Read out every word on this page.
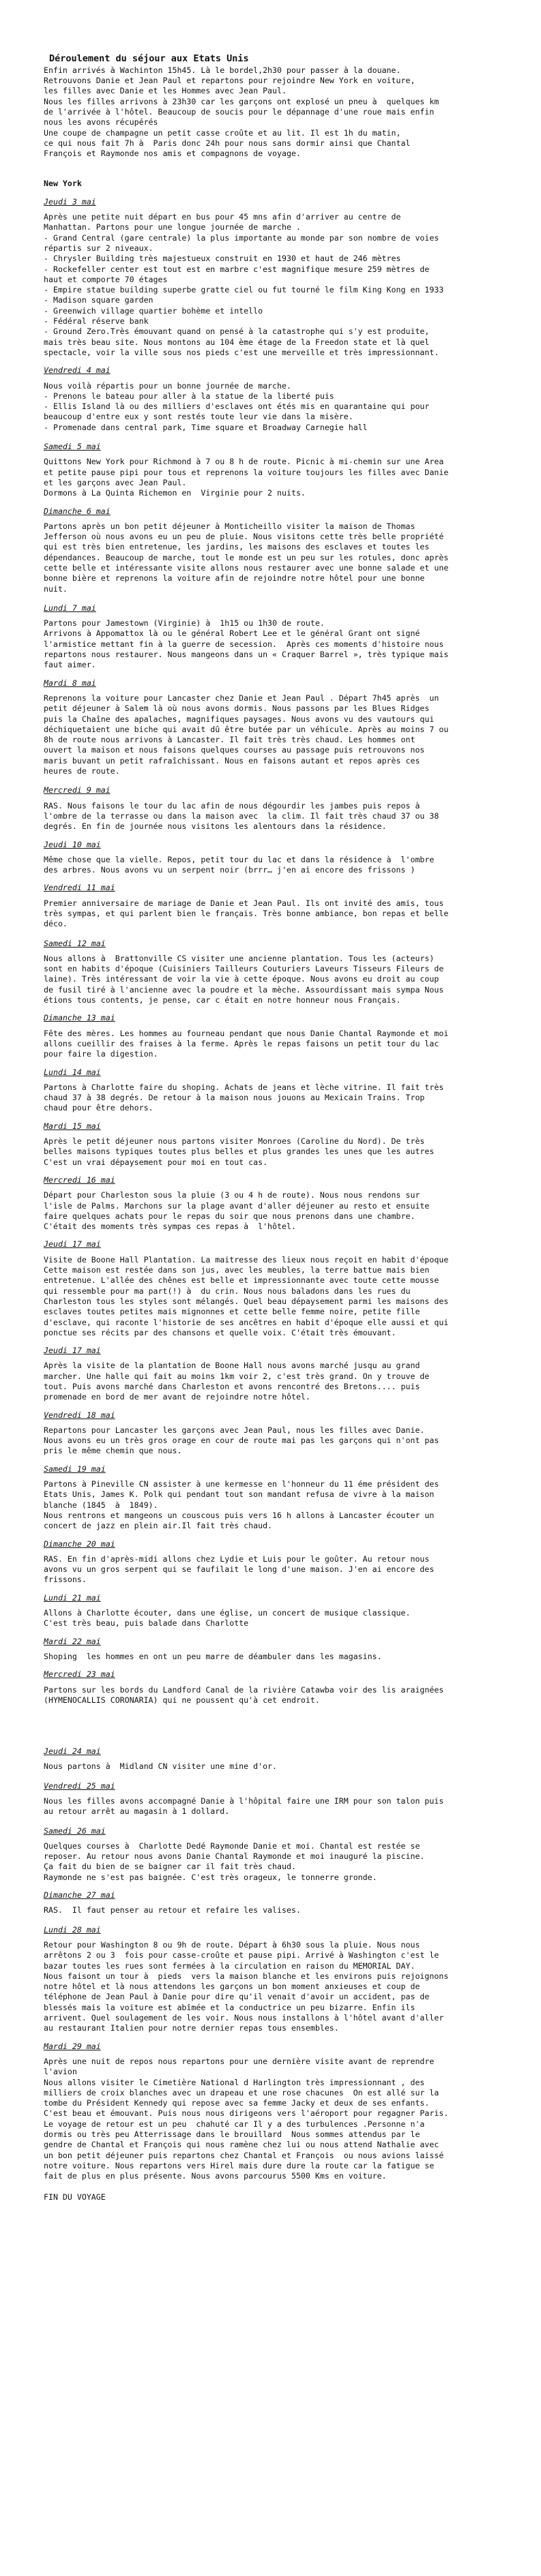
Déroulement du séjour aux Etats Unis
Enfin arrivés à Wachinton 15h45. Là le bordel,2h30 pour passer à la douane.
Retrouvons Danie et Jean Paul et repartons pour rejoindre New York en voiture,
les filles avec Danie et les Hommes avec Jean Paul.
Nous les filles arrivons à 23h30 car les garçons ont explosé un pneu à  quelques km
de l'arrivée à l'hôtel. Beaucoup de soucis pour le dépannage d'une roue mais enfin
nous les avons récupérés
Une coupe de champagne un petit casse croûte et au lit. Il est 1h du matin,
ce qui nous fait 7h à  Paris donc 24h pour nous sans dormir ainsi que Chantal
François et Raymonde nos amis et compagnons de voyage.
New York
Jeudi 3 mai
Après une petite nuit départ en bus pour 45 mns afin d'arriver au centre de
Manhattan. Partons pour une longue journée de marche .
- Grand Central (gare centrale) la plus importante au monde par son nombre de voies
répartis sur 2 niveaux.
- Chrysler Building très majestueux construit en 1930 et haut de 246 mètres
- Rockefeller center est tout est en marbre c'est magnifique mesure 259 mètres de
haut et comporte 70 étages
- Empire statue building superbe gratte ciel ou fut tourné le film King Kong en 1933
- Madison square garden
- Greenwich village quartier bohème et intello
- Fédéral réserve bank
- Ground Zero.Très émouvant quand on pensé à la catastrophe qui s'y est produite,
mais très beau site. Nous montons au 104 ème étage de la Freedon state et là quel
spectacle, voir la ville sous nos pieds c'est une merveille et très impressionnant.
Vendredi 4 mai
Nous voilà répartis pour un bonne journée de marche.
- Prenons le bateau pour aller à la statue de la liberté puis
- Ellis Island là ou des milliers d'esclaves ont étés mis en quarantaine qui pour
beaucoup d'entre eux y sont restés toute leur vie dans la misère.
- Promenade dans central park, Time square et Broadway Carnegie hall
Samedi 5 mai
Quittons New York pour Richmond à 7 ou 8 h de route. Picnic à mi-chemin sur une Area
et petite pause pipi pour tous et reprenons la voiture toujours les filles avec Danie
et les garçons avec Jean Paul.
Dormons à La Quinta Richemon en  Virginie pour 2 nuits.
Dimanche 6 mai
Partons après un bon petit déjeuner à Monticheillo visiter la maison de Thomas
Jefferson où nous avons eu un peu de pluie. Nous visitons cette très belle propriété
qui est très bien entretenue, les jardins, les maisons des esclaves et toutes les
dépendances. Beaucoup de marche, tout le monde est un peu sur les rotules, donc après
cette belle et intéressante visite allons nous restaurer avec une bonne salade et une
bonne bière et reprenons la voiture afin de rejoindre notre hôtel pour une bonne
nuit.
Lundi 7 mai
Partons pour Jamestown (Virginie) à  1h15 ou 1h30 de route.
Arrivons à Appomattox là ou le général Robert Lee et le général Grant ont signé
l'armistice mettant fin à la guerre de secession.  Après ces moments d'histoire nous
repartons nous restaurer. Nous mangeons dans un « Craquer Barrel », très typique mais
faut aimer.
Mardi 8 mai
Reprenons la voiture pour Lancaster chez Danie et Jean Paul . Départ 7h45 après  un
petit déjeuner à Salem là où nous avons dormis. Nous passons par les Blues Ridges
puis la Chaîne des apalaches, magnifiques paysages. Nous avons vu des vautours qui
déchiquetaient une biche qui avait dû être butée par un véhicule. Après au moins 7 ou
8h de route nous arrivons à Lancaster. Il fait très très chaud. Les hommes ont
ouvert la maison et nous faisons quelques courses au passage puis retrouvons nos
maris buvant un petit rafraîchissant. Nous en faisons autant et repos après ces
heures de route.
Mercredi 9 mai
RAS. Nous faisons le tour du lac afin de nous dégourdir les jambes puis repos à
l'ombre de la terrasse ou dans la maison avec  la clim. Il fait très chaud 37 ou 38
degrés. En fin de journée nous visitons les alentours dans la résidence.
Jeudi 10 mai
Même chose que la vielle. Repos, petit tour du lac et dans la résidence à  l'ombre
des arbres. Nous avons vu un serpent noir (brrr… j'en ai encore des frissons )
Vendredi 11 mai
Premier anniversaire de mariage de Danie et Jean Paul. Ils ont invité des amis, tous
très sympas, et qui parlent bien le français. Très bonne ambiance, bon repas et belle
déco.
Samedi 12 mai
Nous allons à  Brattonville CS visiter une ancienne plantation. Tous les (acteurs)
sont en habits d'époque (Cuisiniers Tailleurs Couturiers Laveurs Tisseurs Fileurs de
laine). Très intéressant de voir la vie à cette époque. Nous avons eu droit au coup
de fusil tiré à l'ancienne avec la poudre et la mèche. Assourdissant mais sympa Nous
étions tous contents, je pense, car c était en notre honneur nous Français.
Dimanche 13 mai
Fête des mères. Les hommes au fourneau pendant que nous Danie Chantal Raymonde et moi
allons cueillir des fraises à la ferme. Après le repas faisons un petit tour du lac
pour faire la digestion.
Lundi 14 mai
Partons à Charlotte faire du shoping. Achats de jeans et lèche vitrine. Il fait très
chaud 37 à 38 degrés. De retour à la maison nous jouons au Mexicain Trains. Trop
chaud pour être dehors.
Mardi 15 mai
Après le petit déjeuner nous partons visiter Monroes (Caroline du Nord). De très
belles maisons typiques toutes plus belles et plus grandes les unes que les autres
C'est un vrai dépaysement pour moi en tout cas.
Mercredi 16 mai
Départ pour Charleston sous la pluie (3 ou 4 h de route). Nous nous rendons sur
l'isle de Palms. Marchons sur la plage avant d'aller déjeuner au resto et ensuite
faire quelques achats pour le repas du soir que nous prenons dans une chambre.
C'était des moments très sympas ces repas à  l'hôtel.
Jeudi 17 mai
Visite de Boone Hall Plantation. La maitresse des lieux nous reçoit en habit d'époque
Cette maison est restée dans son jus, avec les meubles, la terre battue mais bien
entretenue. L'allée des chênes est belle et impressionnante avec toute cette mousse
qui ressemble pour ma part(!) à  du crin. Nous nous baladons dans les rues du
Charleston tous les styles sont mélangés. Quel beau dépaysement parmi les maisons des
esclaves toutes petites mais mignonnes et cette belle femme noire, petite fille
d'esclave, qui raconte l'historie de ses ancêtres en habit d'époque elle aussi et qui
ponctue ses récits par des chansons et quelle voix. C'était très émouvant.
Jeudi 17 mai
Après la visite de la plantation de Boone Hall nous avons marché jusqu au grand
marcher. Une halle qui fait au moins 1km voir 2, c'est très grand. On y trouve de
tout. Puis avons marché dans Charleston et avons rencontré des Bretons.... puis
promenade en bord de mer avant de rejoindre notre hôtel.
Vendredi 18 mai
Repartons pour Lancaster les garçons avec Jean Paul, nous les filles avec Danie.
Nous avons eu un très gros orage en cour de route mai pas les garçons qui n'ont pas
pris le même chemin que nous.
Samedi 19 mai
Partons à Pineville CN assister à une kermesse en l'honneur du 11 éme président des
Etats Unis, James K. Polk qui pendant tout son mandant refusa de vivre à la maison
blanche (1845  à  1849).
Nous rentrons et mangeons un couscous puis vers 16 h allons à Lancaster écouter un
concert de jazz en plein air.Il fait très chaud.
Dimanche 20 mai
RAS. En fin d'après-midi allons chez Lydie et Luis pour le goûter. Au retour nous
avons vu un gros serpent qui se faufilait le long d'une maison. J'en ai encore des
frissons.
Lundi 21 mai
Allons à Charlotte écouter, dans une église, un concert de musique classique.
C'est très beau, puis balade dans Charlotte
Mardi 22 mai
Shoping  les hommes en ont un peu marre de déambuler dans les magasins.
Mercredi 23 mai
Partons sur les bords du Landford Canal de la rivière Catawba voir des lis araignées
(HYMENOCALLIS CORONARIA) qui ne poussent qu'à cet endroit.
Jeudi 24 mai
Nous partons à  Midland CN visiter une mine d'or.
Vendredi 25 mai
Nous les filles avons accompagné Danie à l'hôpital faire une IRM pour son talon puis
au retour arrêt au magasin à 1 dollard.
Samedi 26 mai
Quelques courses à  Charlotte Dedé Raymonde Danie et moi. Chantal est restée se
reposer. Au retour nous avons Danie Chantal Raymonde et moi inauguré la piscine.
Ça fait du bien de se baigner car il fait très chaud.
Raymonde ne s'est pas baignée. C'est très orageux, le tonnerre gronde.
Dimanche 27 mai
RAS.  Il faut penser au retour et refaire les valises.
Lundi 28 mai
Retour pour Washington 8 ou 9h de route. Départ à 6h30 sous la pluie. Nous nous
arrêtons 2 ou 3  fois pour casse-croûte et pause pipi. Arrivé à Washington c'est le
bazar toutes les rues sont fermées à la circulation en raison du MEMORIAL DAY.
Nous faisont un tour à  pieds  vers la maison blanche et les environs puis rejoignons
notre hôtel et là nous attendons les garçons un bon moment anxieuses et coup de
téléphone de Jean Paul à Danie pour dire qu'il venait d'avoir un accident, pas de
blessés mais la voiture est abîmée et la conductrice un peu bizarre. Enfin ils
arrivent. Quel soulagement de les voir. Nous nous installons à l'hôtel avant d'aller
au restaurant Italien pour notre dernier repas tous ensembles.
Mardi 29 mai
Après une nuit de repos nous repartons pour une dernière visite avant de reprendre
l'avion
Nous allons visiter le Cimetière National d Harlington très impressionnant , des
milliers de croix blanches avec un drapeau et une rose chacunes  On est allé sur la
tombe du Président Kennedy qui repose avec sa femme Jacky et deux de ses enfants.
C'est beau et émouvant. Puis nous nous dirigeons vers l'aéroport pour regagner Paris.
Le voyage de retour est un peu  chahuté car Il y a des turbulences .Personne n'a
dormis ou très peu Atterrissage dans le brouillard  Nous sommes attendus par le
gendre de Chantal et François qui nous ramène chez lui ou nous attend Nathalie avec
un bon petit déjeuner puis repartons chez Chantal et François  ou nous avions laissé
notre voiture. Nous repartons vers Hirel mais dure dure la route car la fatigue se
fait de plus en plus présente. Nous avons parcourus 5500 Kms en voiture.
FIN DU VOYAGE
